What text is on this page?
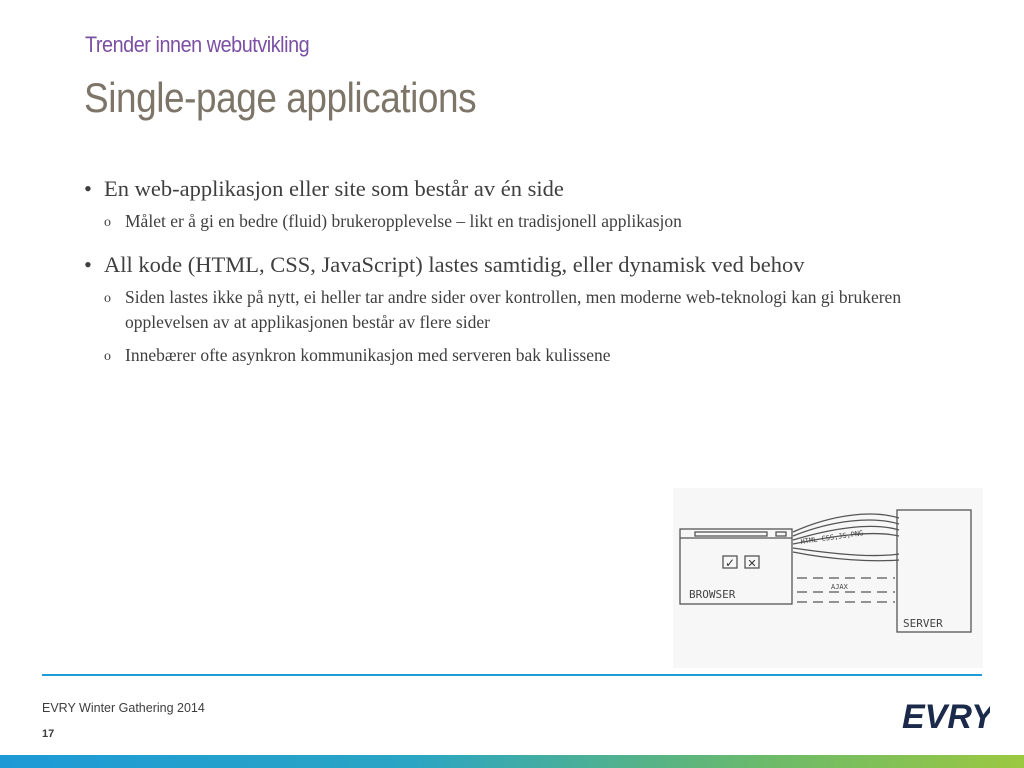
Trender innen webutvikling
Single-page applications
• En web-applikasjon eller site som består av én side
o Målet er å gi en bedre (fluid) brukeropplevelse – likt en tradisjonell applikasjon
• All kode (HTML, CSS, JavaScript) lastes samtidig, eller dynamisk ved behov
o Siden lastes ikke på nytt, ei heller tar andre sider over kontrollen, men moderne web-teknologi kan gi brukeren opplevelsen av at applikasjonen består av flere sider
o Innebærer ofte asynkron kommunikasjon med serveren bak kulissene
✓ ✕
BROWSER
SERVER
HTML CSS,JS,PNG
AJAX
EVRY Winter Gathering 2014
17	EVRY
